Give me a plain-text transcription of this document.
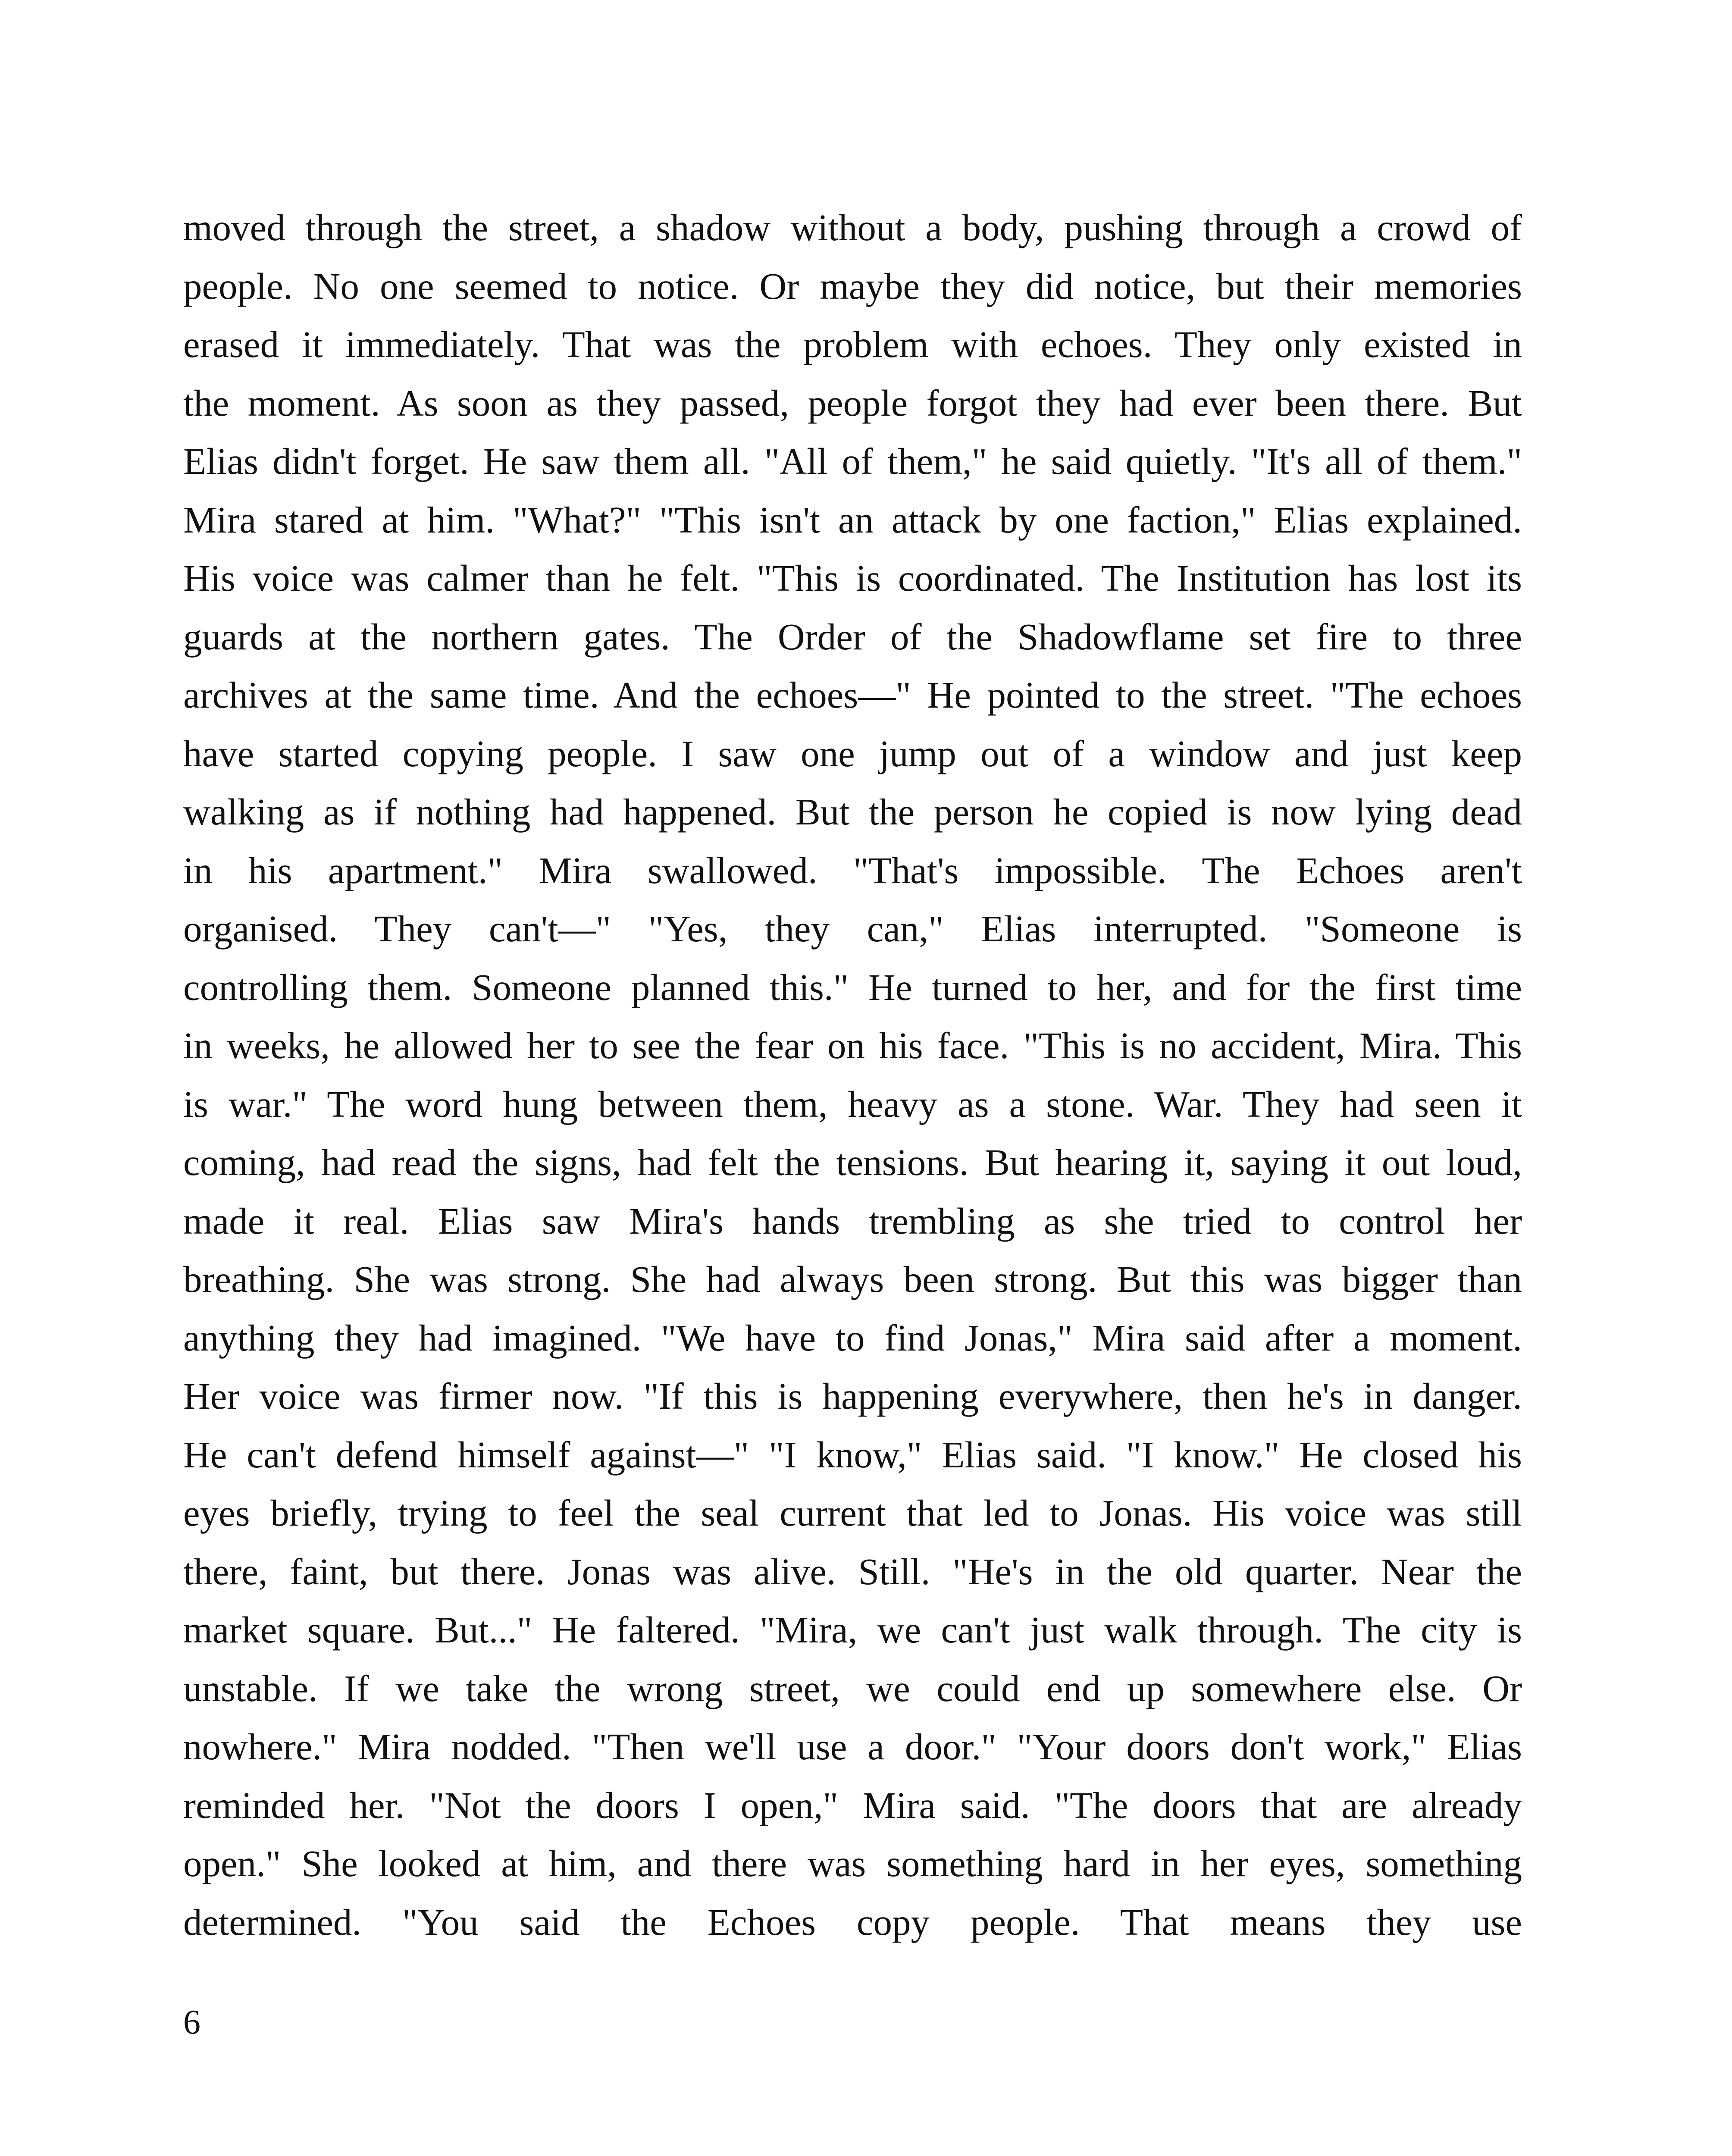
moved through the street, a shadow without a body, pushing through a crowd of
people. No one seemed to notice. Or maybe they did notice, but their memories
erased it immediately. That was the problem with echoes. They only existed in
the moment. As soon as they passed, people forgot they had ever been there. But
Elias didn't forget. He saw them all. "All of them," he said quietly. "It's all of them."
Mira stared at him. "What?" "This isn't an attack by one faction," Elias explained.
His voice was calmer than he felt. "This is coordinated. The Institution has lost its
guards at the northern gates. The Order of the Shadowflame set fire to three
archives at the same time. And the echoes—" He pointed to the street. "The echoes
have started copying people. I saw one jump out of a window and just keep
walking as if nothing had happened. But the person he copied is now lying dead
in his apartment." Mira swallowed. "That's impossible. The Echoes aren't
organised. They can't—" "Yes, they can," Elias interrupted. "Someone is
controlling them. Someone planned this." He turned to her, and for the first time
in weeks, he allowed her to see the fear on his face. "This is no accident, Mira. This
is war." The word hung between them, heavy as a stone. War. They had seen it
coming, had read the signs, had felt the tensions. But hearing it, saying it out loud,
made it real. Elias saw Mira's hands trembling as she tried to control her
breathing. She was strong. She had always been strong. But this was bigger than
anything they had imagined. "We have to find Jonas," Mira said after a moment.
Her voice was firmer now. "If this is happening everywhere, then he's in danger.
He can't defend himself against—" "I know," Elias said. "I know." He closed his
eyes briefly, trying to feel the seal current that led to Jonas. His voice was still
there, faint, but there. Jonas was alive. Still. "He's in the old quarter. Near the
market square. But..." He faltered. "Mira, we can't just walk through. The city is
unstable. If we take the wrong street, we could end up somewhere else. Or
nowhere." Mira nodded. "Then we'll use a door." "Your doors don't work," Elias
reminded her. "Not the doors I open," Mira said. "The doors that are already
open." She looked at him, and there was something hard in her eyes, something
determined. "You said the Echoes copy people. That means they use

6
